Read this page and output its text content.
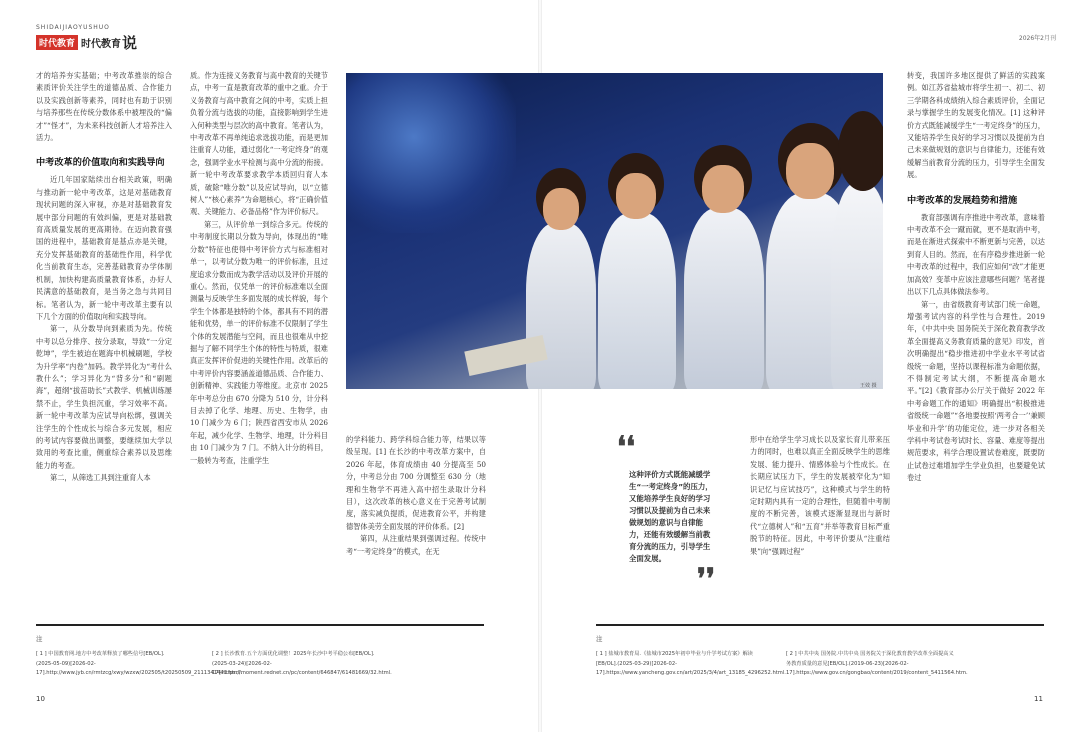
SHIDAIJIAOYUSHUO
时代教育 时代教育 说	2026年2月刊

才的培养夯实基础；中考改革推崇的综合素质评价关注学生的道德品质、合作能力以及实践创新等素养，同时也有助于识别与培养那些在传统分数体系中被埋没的“偏才”“怪才”，为未来科技创新人才培养注入活力。

中考改革的价值取向和实践导向

近几年国家陆续出台相关政策，明确与推动新一轮中考改革，这是对基础教育现状问题的深入审视，亦是对基础教育发展中部分问题的有效纠偏，更是对基础教育高质量发展的更高期待。在迈向教育强国的进程中，基础教育是基点亦是关键，充分发挥基础教育的基础性作用，科学优化当前教育生态，完善基础教育办学体制机制，加快构建高质量教育体系，办好人民满意的基础教育，是当务之急与共同目标。笔者认为，新一轮中考改革主要有以下几个方面的价值取向和实践导向。

第一，从分数导向到素质为先。传统中考以总分排序、按分录取，导致“一分定乾坤”，学生被迫在题海中机械刷题，学校为升学率“内卷”加码。教学异化为“考什么教什么”；学习异化为“背多分”和“刷题海”，超纲“拔苗助长”式教学、机械训练屡禁不止，学生负担沉重，学习效率不高。新一轮中考改革为应试导向松绑，强调关注学生的个性成长与综合多元发展，相应的考试内容要做出调整，要继续加大学以致用的考查比重，侧重综合素养以及思维能力的考查。

第二，从筛选工具到注重育人本

质。作为连接义务教育与高中教育的关键节点，中考一直是教育改革的重中之重。介于义务教育与高中教育之间的中考，实质上担负着分流与选拔的功能，直接影响到学生进入何种类型与层次的高中教育。笔者认为，中考改革不再单纯追求选拔功能，而是更加注重育人功能，通过弱化“一考定终身”的观念，强调学业水平检测与高中分流的衔接。新一轮中考改革要求教学本质回归育人本质，破除“唯分数”以及应试导向，以“立德树人”“核心素养”为命题核心，将“正确价值观、关键能力、必备品格”作为评价标尺。

第三，从评价单一到综合多元。传统的中考制度长期以分数为导向，体现出的“唯分数”特征也使得中考评价方式与标准相对单一，以考试分数为唯一的评价标准，且过度追求分数而成为教学活动以及评价开展的重心。然而，仅凭单一的评价标准难以全面测量与反映学生多面发展的成长样貌，每个学生个体都是独特的个体，都具有不同的潜能和优势，单一的评价标准不仅限制了学生个体的发展潜能与空间，而且也很难从中挖掘与了解不同学生个体的特性与特质，很难真正发挥评价促进的关键性作用。改革后的中考评价内容要涵盖道德品质、合作能力、创新精神、实践能力等维度。北京市 2025 年中考总分由 670 分降为 510 分，计分科目去掉了化学、地理、历史、生物学，由 10 门减少为 6 门；陕西省西安市从 2026 年起，减少化学、生物学、地理，计分科目由 10 门减少为 7 门。不纳入计分的科目，一般转为考查，注重学生

王效 摄

的学科能力、跨学科综合能力等，结果以等级呈现。[1] 在长沙的中考改革方案中，自 2026 年起，体育成绩由 40 分提高至 50 分，中考总分由 700 分调整至 630 分（地理和生物学不再进入高中招生录取计分科目），这次改革的核心意义在于完善考试制度，落实减负提质，促进教育公平，并构建德智体美劳全面发展的评价体系。[2]

第四，从注重结果到强调过程。传统中考“一考定终身”的模式，在无

❛❛
这种评价方式既能减缓学生“一考定终身”的压力，又能培养学生良好的学习习惯以及提前为自己未来做规划的意识与自律能力，还能有效缓解当前教育分流的压力，引导学生全面发展。
❜❜

形中在给学生学习成长以及家长育儿带来压力的同时，也难以真正全面反映学生的思维发展、能力提升、情感体验与个性成长。在长期应试压力下，学生的发展被窄化为“知识记忆与应试技巧”，这种模式与学生的特定时期内具有一定的合理性，但随着中考制度的不断完善，该模式逐渐显现出与新时代“立德树人”和“五育”并举等教育目标严重脱节的特征。因此，中考评价要从“注重结果”向“强调过程”

转变，我国许多地区提供了鲜活的实践案例。如江苏省盐城市将学生初一、初二、初三学期各科成绩纳入综合素质评价，全面记录与掌握学生的发展变化情况。[1] 这种评价方式既能减缓学生“一考定终身”的压力，又能培养学生良好的学习习惯以及提前为自己未来做规划的意识与自律能力，还能有效缓解当前教育分流的压力，引导学生全面发展。

中考改革的发展趋势和措施

教育部强调有序推进中考改革，意味着中考改革不会一蹴而就，更不是取消中考，而是在渐进式探索中不断更新与完善，以达到育人目的。然而，在有序稳步推进新一轮中考改革的过程中，我们应如何“改”才能更加高效？变革中应该注意哪些问题？笔者提出以下几点具体做法参考。

第一，由省级教育考试部门统一命题，增强考试内容的科学性与合理性。2019年，《中共中央 国务院关于深化教育教学改革全面提高义务教育质量的意见》印发，首次明确提出“稳步推进初中学业水平考试省级统一命题，坚持以课程标准为命题依据，不得制定考试大纲，不断提高命题水平。”[2]《教育部办公厅关于做好 2022 年中考命题工作的通知》明确提出“积极推进省级统一命题”“各地要按照‘两考合一’‘兼顾毕业和升学’的功能定位，进一步对各相关学科中考试卷考试时长、容量、难度等提出规范要求，科学合理设置试卷难度，既要防止试卷过难增加学生学业负担，也要避免试卷过

注
[ 1 ] 中国教育网.地方中考改革释放了哪些信号[EB/OL].(2025-05-09)[2026-02-17].http://www.jyb.cn/rmtzcg/xwy/wzxw/202505/t20250509_2111341441.html.
[ 2 ] 长沙教育.五个方面优化调整！2025年长沙中考平稳公布[EB/OL].(2025-03-24)[2026-02-17].https://moment.rednet.cn/pc/content/646847/61481669/32.html.
注
[ 1 ] 盐城市教育局.《盐城市2025年初中毕业与升学考试方案》解读[EB/OL].(2025-03-29)[2026-02-17].https://www.yancheng.gov.cn/art/2025/3/4/art_13185_4296252.html.
[ 2 ] 中共中央 国务院.中共中央 国务院关于深化教育教学改革全面提高义务教育质量的意见[EB/OL].(2019-06-23)[2026-02-17].https://www.gov.cn/gongbao/content/2019/content_5411564.htm.
10	11
